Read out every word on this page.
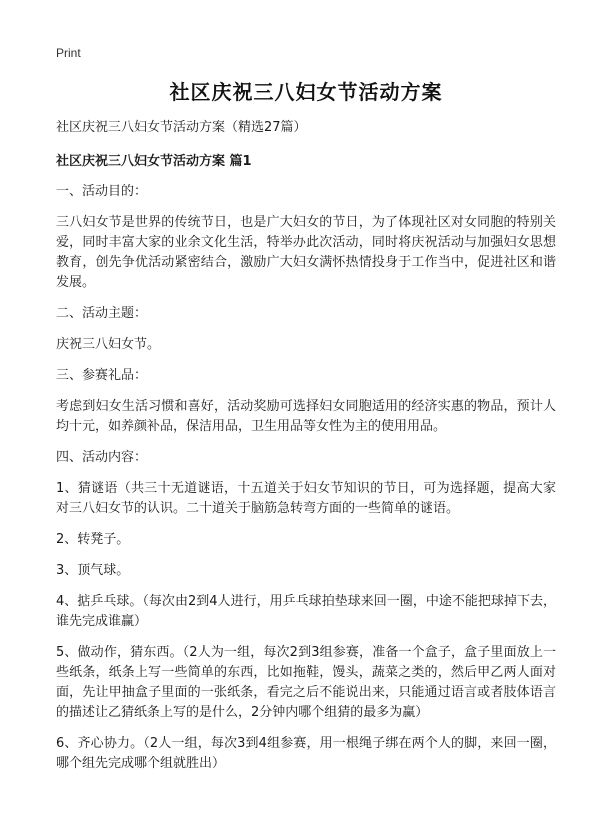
Print
社区庆祝三八妇女节活动方案

社区庆祝三八妇女节活动方案（精选27篇）

社区庆祝三八妇女节活动方案 篇1

一、活动目的：

三八妇女节是世界的传统节日，也是广大妇女的节日，为了体现社区对女同胞的特别关爱，同时丰富大家的业余文化生活，特举办此次活动，同时将庆祝活动与加强妇女思想教育，创先争优活动紧密结合，激励广大妇女满怀热情投身于工作当中，促进社区和谐发展。

二、活动主题：

庆祝三八妇女节。

三、参赛礼品：

考虑到妇女生活习惯和喜好，活动奖励可选择妇女同胞适用的经济实惠的物品，预计人均十元，如养颜补品，保洁用品，卫生用品等女性为主的使用用品。

四、活动内容：

1、猜谜语（共三十无道谜语，十五道关于妇女节知识的节日，可为选择题，提高大家对三八妇女节的认识。二十道关于脑筋急转弯方面的一些简单的谜语。

2、转凳子。

3、顶气球。

4、掂乒乓球。（每次由2到4人进行，用乒乓球拍垫球来回一圈，中途不能把球掉下去，谁先完成谁赢）

5、做动作，猜东西。（2人为一组，每次2到3组参赛，准备一个盒子，盒子里面放上一些纸条，纸条上写一些简单的东西，比如拖鞋，馒头，蔬菜之类的，然后甲乙两人面对面，先让甲抽盒子里面的一张纸条，看完之后不能说出来，只能通过语言或者肢体语言的描述让乙猜纸条上写的是什么，2分钟内哪个组猜的最多为赢）

6、齐心协力。（2人一组，每次3到4组参赛，用一根绳子绑在两个人的脚，来回一圈，哪个组先完成哪个组就胜出）
